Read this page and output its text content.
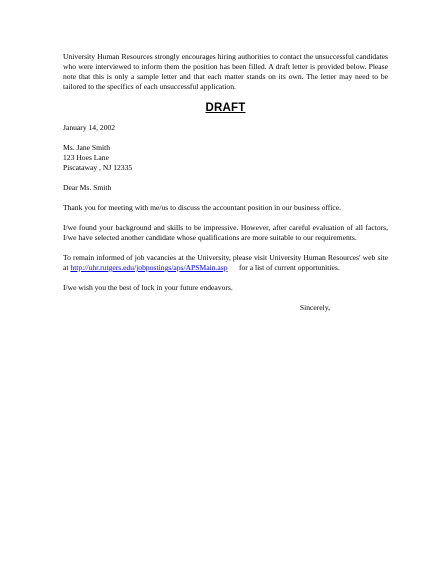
University Human Resources strongly encourages hiring authorities to contact the unsuccessful candidates who were interviewed to inform them the position has been filled. A draft letter is provided below. Please note that this is only a sample letter and that each matter stands on its own. The letter may need to be tailored to the specifics of each unsuccessful application.

DRAFT

January 14, 2002

Ms. Jane Smith
123 Hoes Lane
Piscataway , NJ 12335

Dear Ms. Smith

Thank you for meeting with me/us to discuss the accountant position in our business office.

I/we found your background and skills to be impressive. However, after careful evaluation of all factors, I/we have selected another candidate whose qualifications are more suitable to our requirements.

To remain informed of job vacancies at the University, please visit University Human Resources' web site at http://uhr.rutgers.edu/jobpostings/aps/APSMain.asp      for a list of current opportunities.

I/we wish you the best of luck in your future endeavors.

Sincerely,
